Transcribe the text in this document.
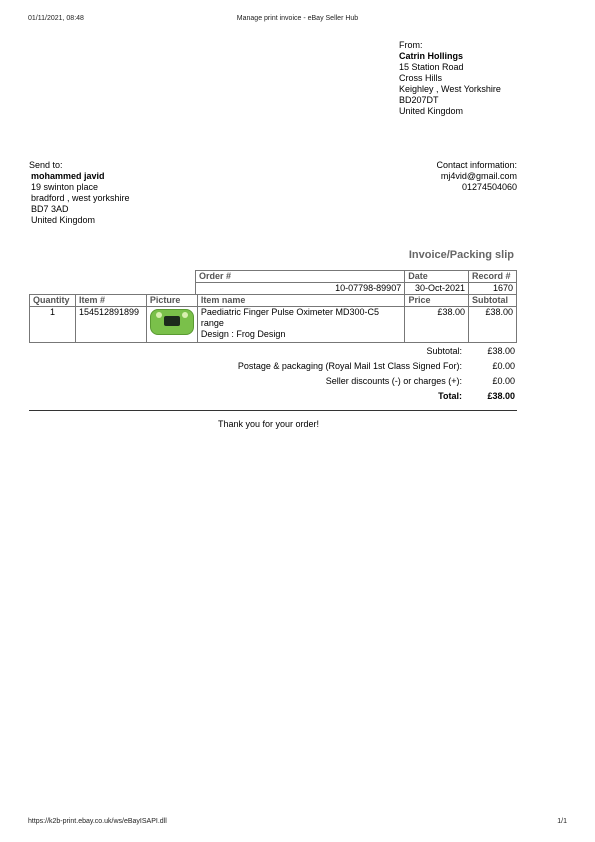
01/11/2021, 08:48	Manage print invoice - eBay Seller Hub
From:
Catrin Hollings
15 Station Road
Cross Hills
Keighley , West Yorkshire
BD207DT
United Kingdom
Send to:
mohammed javid
19 swinton place
bradford , west yorkshire
BD7 3AD
United Kingdom
Contact information:
mj4vid@gmail.com
01274504060
Invoice/Packing slip
Order #	Date	Record #
10-07798-89907	30-Oct-2021	1670
Quantity	Item #	Picture	Item name	Price	Subtotal
1	154512891899		Paediatric Finger Pulse Oximeter MD300-C5
range
Design : Frog Design	£38.00	£38.00
Subtotal:	£38.00
Postage & packaging (Royal Mail 1st Class Signed For):	£0.00
Seller discounts (-) or charges (+):	£0.00
Total:	£38.00
Thank you for your order!
https://k2b-print.ebay.co.uk/ws/eBayISAPI.dll	1/1
